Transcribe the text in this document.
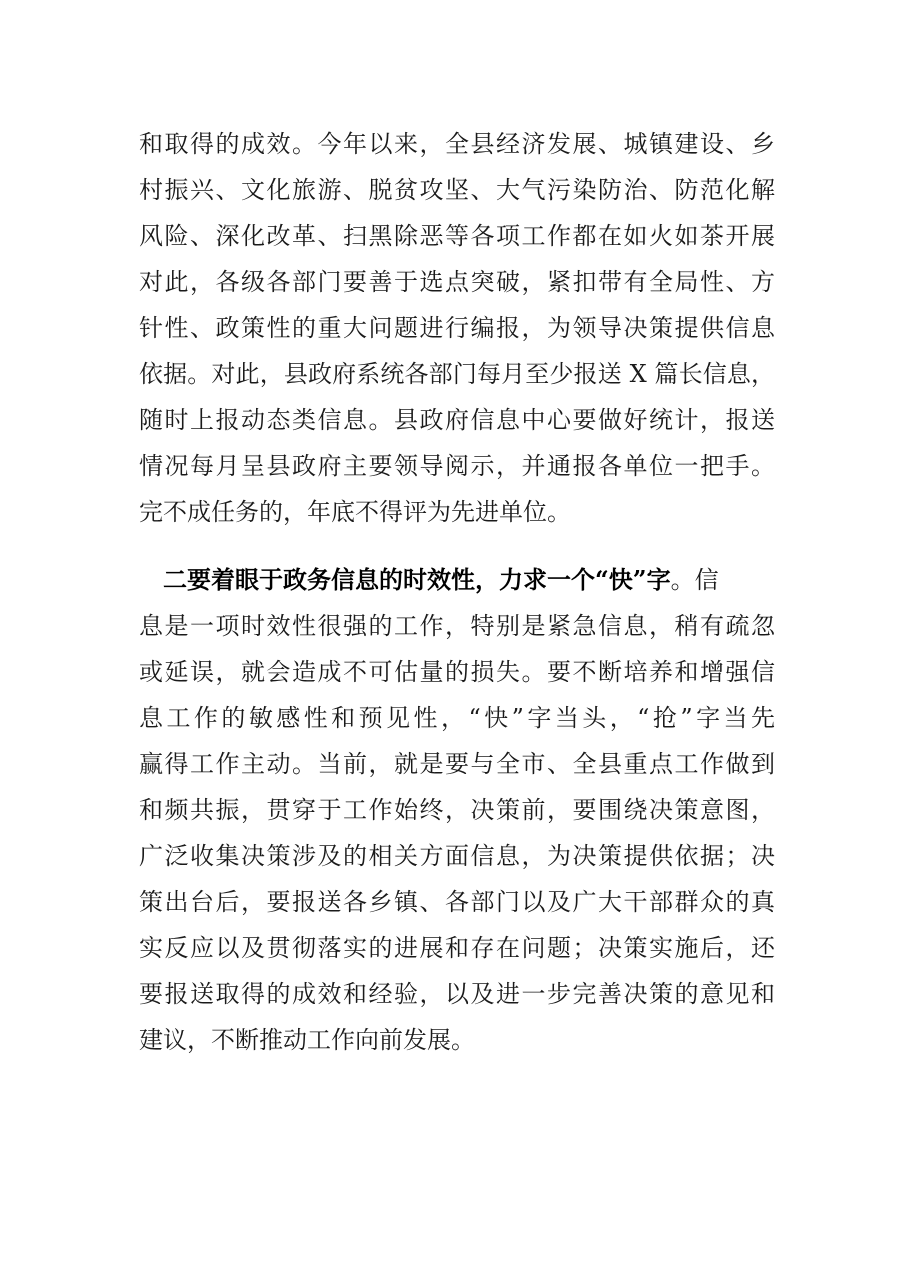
和取得的成效。今年以来，全县经济发展、城镇建设、乡
村振兴、文化旅游、脱贫攻坚、大气污染防治、防范化解
风险、深化改革、扫黑除恶等各项工作都在如火如茶开展
对此，各级各部门要善于选点突破，紧扣带有全局性、方
针性、政策性的重大问题进行编报，为领导决策提供信息
依据。对此，县政府系统各部门每月至少报送 X 篇长信息，
随时上报动态类信息。县政府信息中心要做好统计，报送
情况每月呈县政府主要领导阅示，并通报各单位一把手。
完不成任务的，年底不得评为先进单位。
　二要着眼于政务信息的时效性，力求一个“快”字。信
息是一项时效性很强的工作，特别是紧急信息，稍有疏忽
或延误，就会造成不可估量的损失。要不断培养和增强信
息工作的敏感性和预见性，“快”字当头，“抢”字当先
赢得工作主动。当前，就是要与全市、全县重点工作做到
和频共振，贯穿于工作始终，决策前，要围绕决策意图，
广泛收集决策涉及的相关方面信息，为决策提供依据；决
策出台后，要报送各乡镇、各部门以及广大干部群众的真
实反应以及贯彻落实的进展和存在问题；决策实施后，还
要报送取得的成效和经验，以及进一步完善决策的意见和
建议，不断推动工作向前发展。
